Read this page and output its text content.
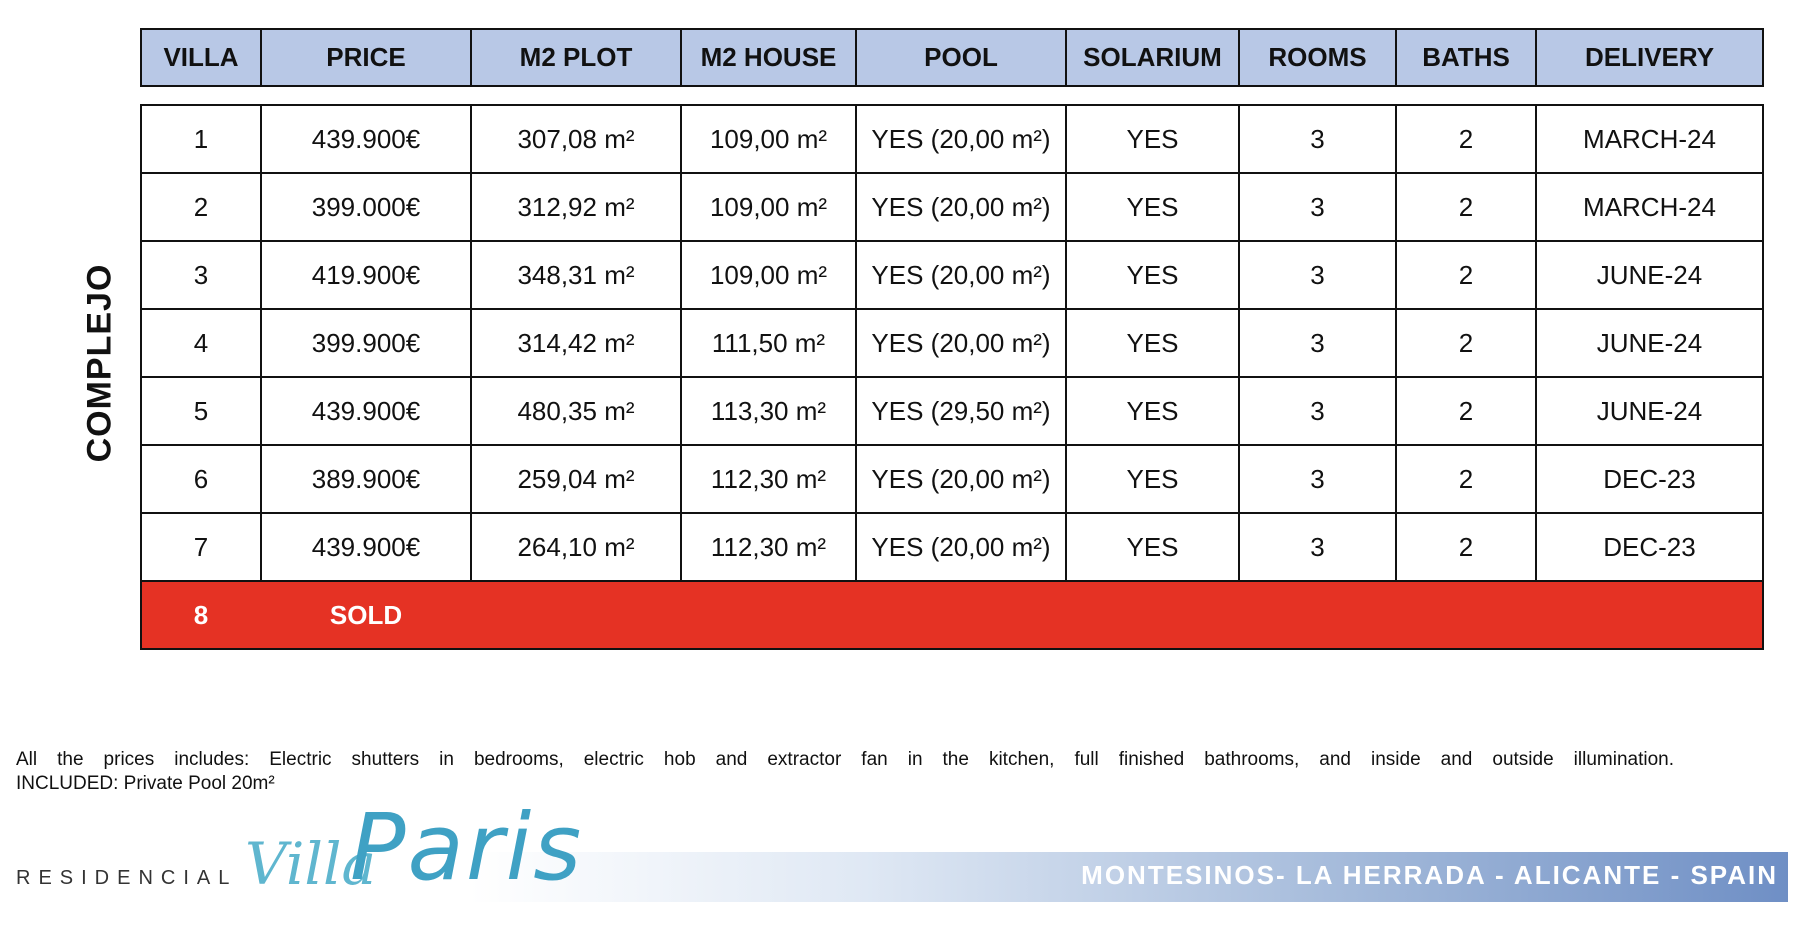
COMPLEJO
VILLA	PRICE	M2 PLOT	M2 HOUSE	POOL	SOLARIUM	ROOMS	BATHS	DELIVERY
1	439.900€	307,08 m²	109,00 m²	YES (20,00 m²)	YES	3	2	MARCH-24
2	399.000€	312,92 m²	109,00 m²	YES (20,00 m²)	YES	3	2	MARCH-24
3	419.900€	348,31 m²	109,00 m²	YES (20,00 m²)	YES	3	2	JUNE-24
4	399.900€	314,42 m²	111,50 m²	YES (20,00 m²)	YES	3	2	JUNE-24
5	439.900€	480,35 m²	113,30 m²	YES (29,50 m²)	YES	3	2	JUNE-24
6	389.900€	259,04 m²	112,30 m²	YES (20,00 m²)	YES	3	2	DEC-23
7	439.900€	264,10 m²	112,30 m²	YES (20,00 m²)	YES	3	2	DEC-23
8	SOLD							
All the prices includes: Electric shutters in bedrooms, electric hob and extractor fan in the kitchen, full finished bathrooms, and inside and outside illumination.
INCLUDED: Private Pool 20m²
RESIDENCIAL Villa
Paris	MONTESINOS- LA HERRADA - ALICANTE - SPAIN
